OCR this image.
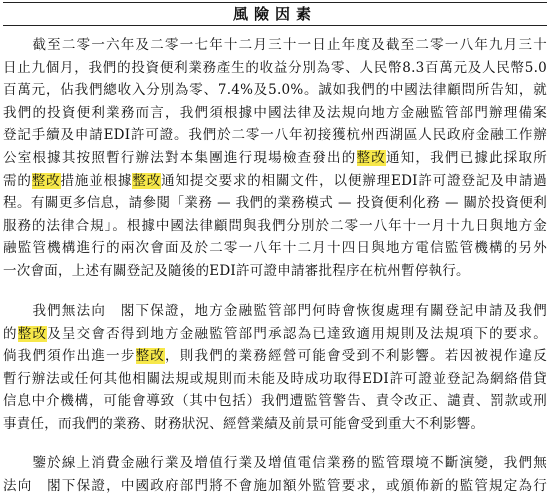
風險因素
　　截至二零一六年及二零一七年十二月三十一日止年度及截至二零一八年九月三十
日止九個月，我們的投資便利業務產生的收益分別為零、人民幣8.3百萬元及人民幣5.0
百萬元，佔我們總收入分別為零、7.4%及5.0%。誠如我們的中國法律顧問所告知，就
我們的投資便利業務而言，我們須根據中國法律及法規向地方金融監管部門辦理備案
登記手續及申請EDI許可證。我們於二零一八年初接獲杭州西湖區人民政府金融工作辦
公室根據其按照暫行辦法對本集團進行現場檢查發出的整改通知，我們已據此採取所
需的整改措施並根據整改通知提交要求的相關文件，以便辦理EDI許可證登記及申請過
程。有關更多信息，請參閱「業務 — 我們的業務模式 — 投資便利化務 — 關於投資便利
服務的法律合規」。根據中國法律顧問與我們分別於二零一八年十一月十九日與地方金
融監管機構進行的兩次會面及於二零一八年十二月十四日與地方電信監管機構的另外
一次會面，上述有關登記及隨後的EDI許可證申請審批程序在杭州暫停執行。
　　我們無法向　閣下保證，地方金融監管部門何時會恢復處理有關登記申請及我們
的整改及呈交會否得到地方金融監管部門承認為已達致適用規則及法規項下的要求。
倘我們須作出進一步整改，則我們的業務經營可能會受到不利影響。若因被視作違反
暫行辦法或任何其他相關法規或規則而未能及時成功取得EDI許可證並登記為網絡借貸
信息中介機構，可能會導致（其中包括）我們遭監管警告、責令改正、譴責、罰款或刑
事責任，而我們的業務、財務狀況、經營業績及前景可能會受到重大不利影響。
　　鑒於線上消費金融行業及增值行業及增值電信業務的監管環境不斷演變，我們無
法向　閣下保證，中國政府部門將不會施加額外監管要求，或頒佈新的監管規定為行
